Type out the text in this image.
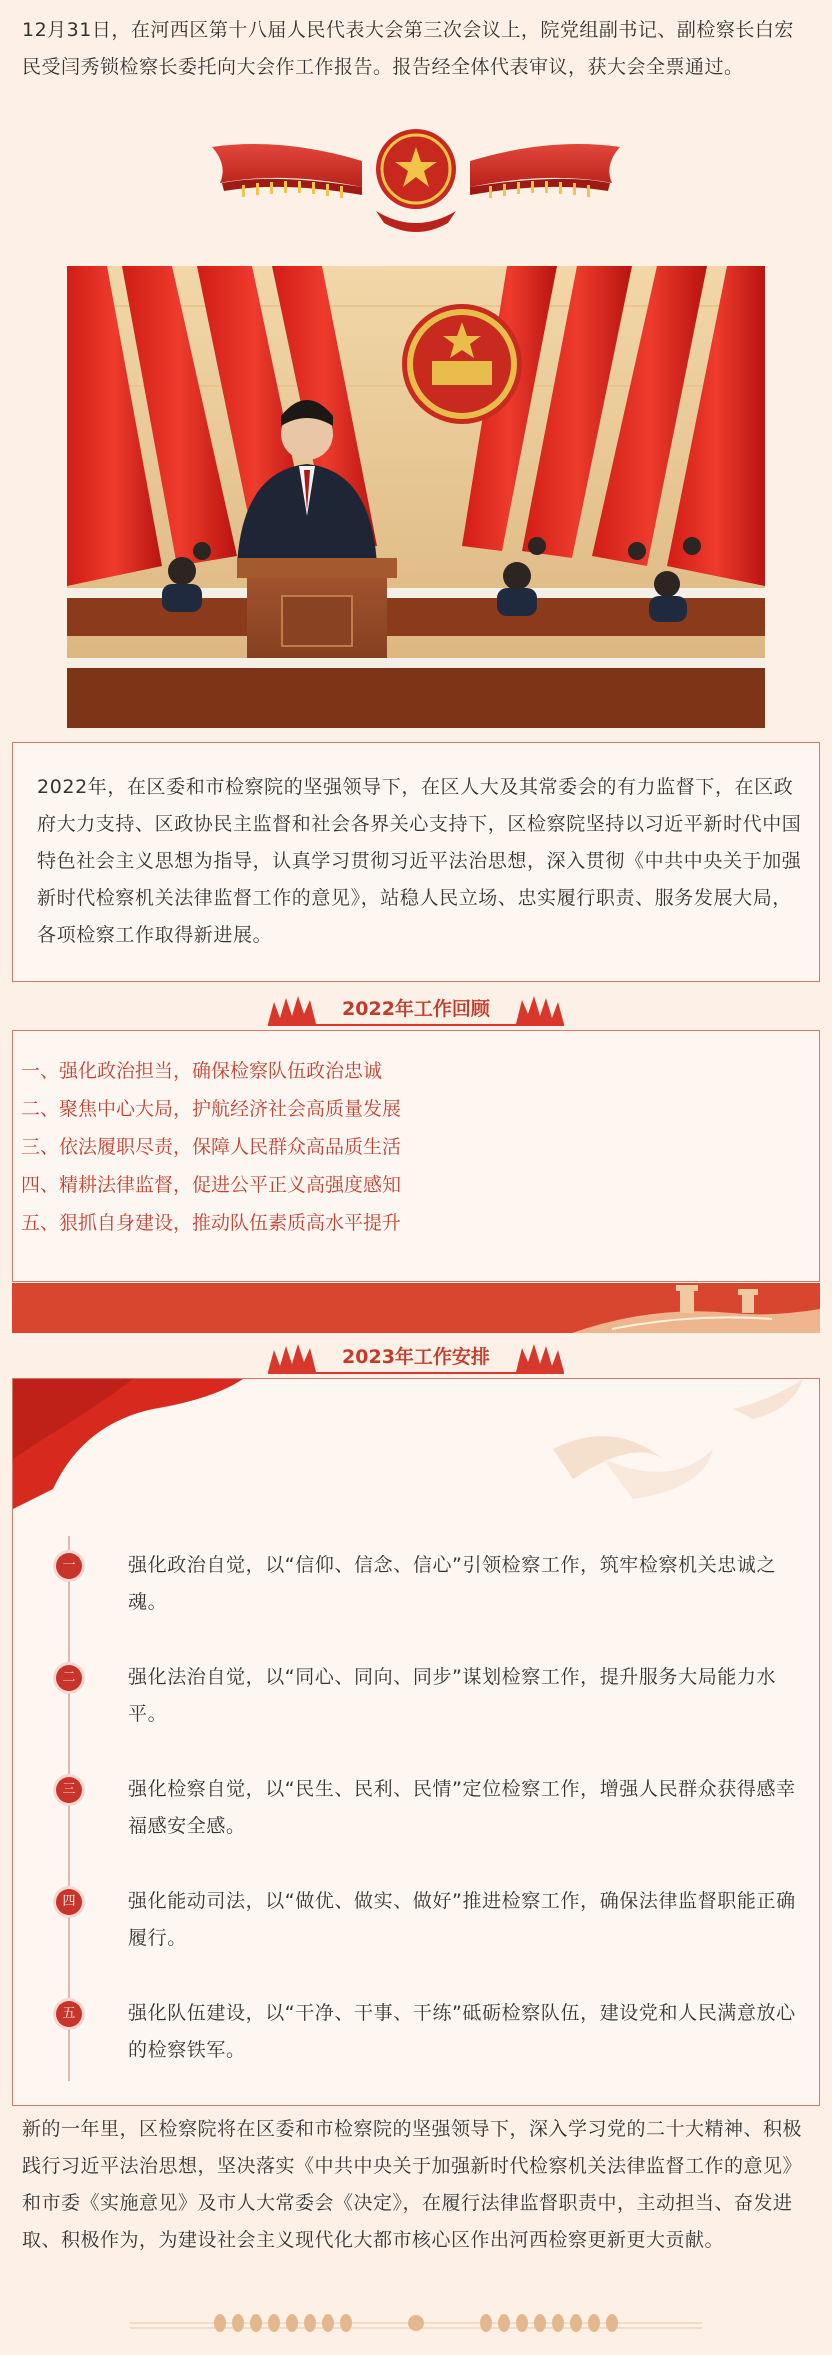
12月31日，在河西区第十八届人民代表大会第三次会议上，院党组副书记、副检察长白宏民受闫秀锁检察长委托向大会作工作报告。报告经全体代表审议，获大会全票通过。

2022年，在区委和市检察院的坚强领导下，在区人大及其常委会的有力监督下，在区政府大力支持、区政协民主监督和社会各界关心支持下，区检察院坚持以习近平新时代中国特色社会主义思想为指导，认真学习贯彻习近平法治思想，深入贯彻《中共中央关于加强新时代检察机关法律监督工作的意见》，站稳人民立场、忠实履行职责、服务发展大局，各项检察工作取得新进展。

2022年工作回顾
一、强化政治担当，确保检察队伍政治忠诚
二、聚焦中心大局，护航经济社会高质量发展
三、依法履职尽责，保障人民群众高品质生活
四、精耕法律监督，促进公平正义高强度感知
五、狠抓自身建设，推动队伍素质高水平提升
2023年工作安排
一	强化政治自觉，以“信仰、信念、信心”引领检察工作，筑牢检察机关忠诚之魂。
二	强化法治自觉，以“同心、同向、同步”谋划检察工作，提升服务大局能力水平。
三	强化检察自觉，以“民生、民利、民情”定位检察工作，增强人民群众获得感幸福感安全感。
四	强化能动司法，以“做优、做实、做好”推进检察工作，确保法律监督职能正确履行。
五	强化队伍建设，以“干净、干事、干练”砥砺检察队伍，建设党和人民满意放心的检察铁军。

新的一年里，区检察院将在区委和市检察院的坚强领导下，深入学习党的二十大精神、积极践行习近平法治思想，坚决落实《中共中央关于加强新时代检察机关法律监督工作的意见》和市委《实施意见》及市人大常委会《决定》，在履行法律监督职责中，主动担当、奋发进取、积极作为，为建设社会主义现代化大都市核心区作出河西检察更新更大贡献。
